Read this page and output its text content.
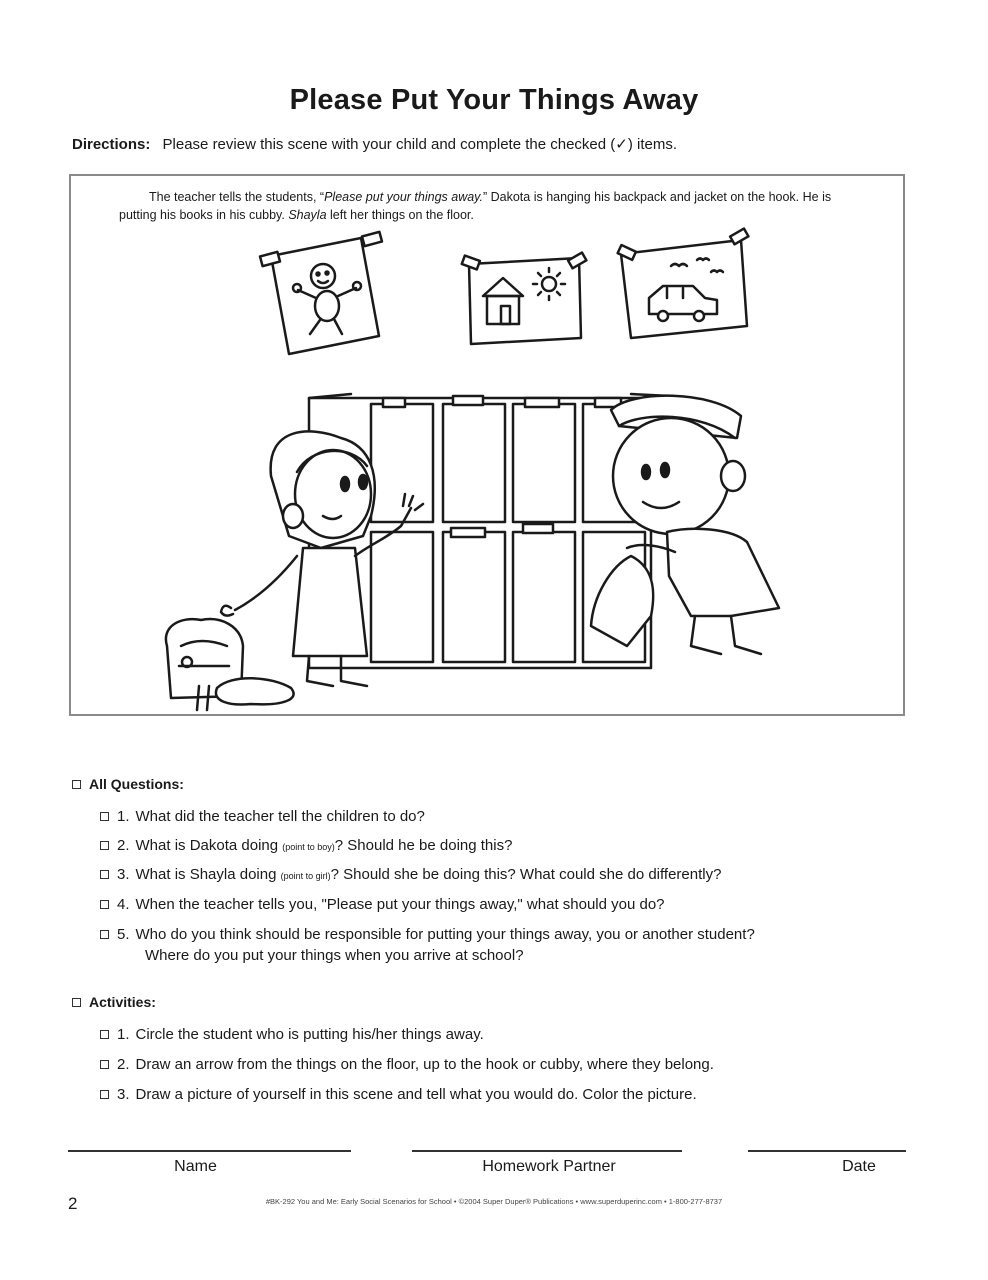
Please Put Your Things Away
Directions: Please review this scene with your child and complete the checked (✓) items.

The teacher tells the students, “Please put your things away.” Dakota is hanging his backpack and jacket on the hook. He is putting his books in his cubby. Shayla left her things on the floor.

All Questions:
1. What did the teacher tell the children to do?
2. What is Dakota doing (point to boy)? Should he be doing this?
3. What is Shayla doing (point to girl)? Should she be doing this? What could she do differently?
4. When the teacher tells you, "Please put your things away," what should you do?
5. Who do you think should be responsible for putting your things away, you or another student?
Where do you put your things when you arrive at school?
Activities:
1. Circle the student who is putting his/her things away.
2. Draw an arrow from the things on the floor, up to the hook or cubby, where they belong.
3. Draw a picture of yourself in this scene and tell what you would do. Color the picture.
Name	Homework Partner	Date
2	#BK-292 You and Me: Early Social Scenarios for School • ©2004 Super Duper® Publications • www.superduperinc.com • 1-800-277-8737
